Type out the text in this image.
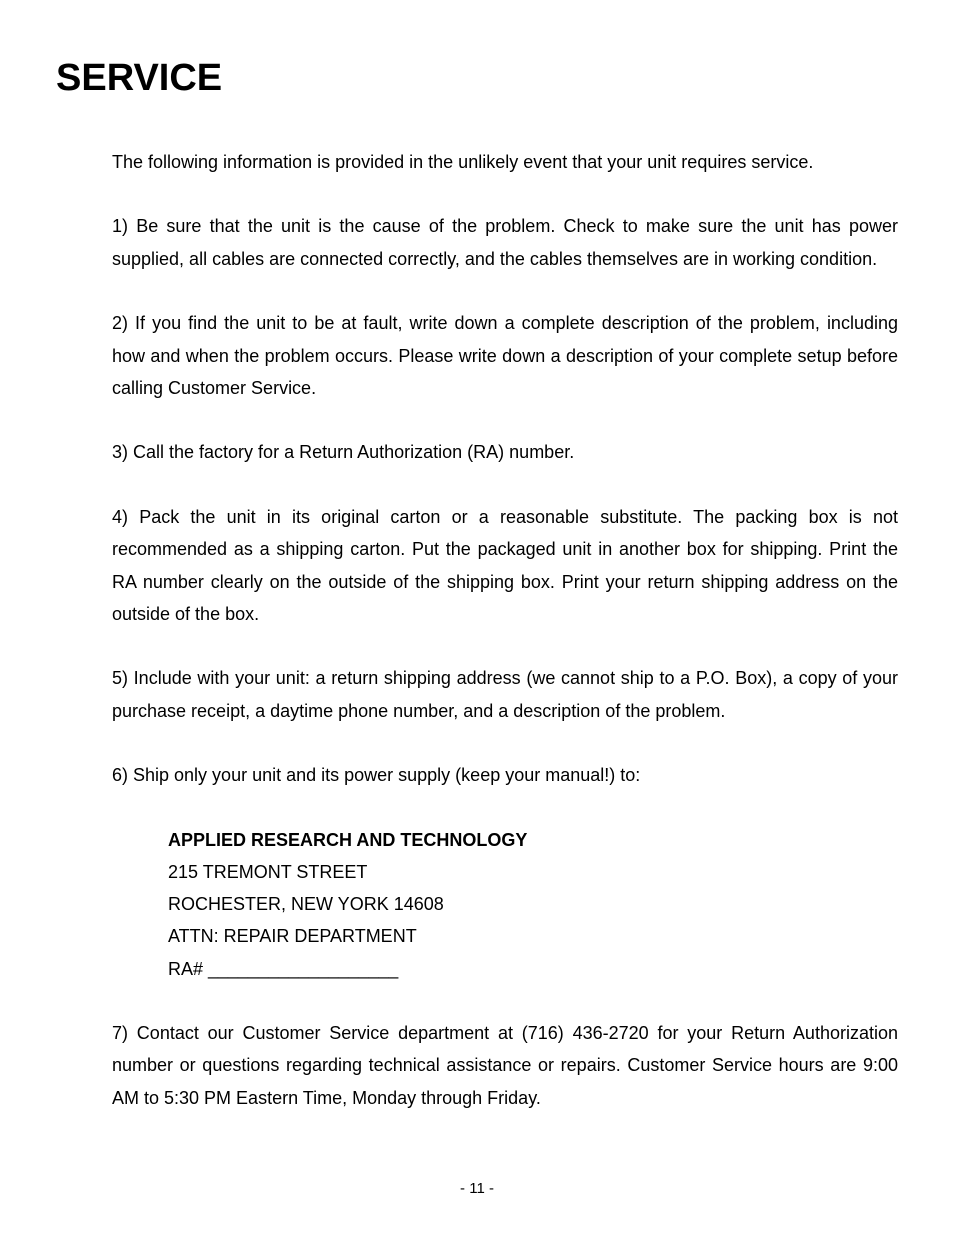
SERVICE

The following information is provided in the unlikely event that your unit requires service.

1) Be sure that the unit is the cause of the problem. Check to make sure the unit has power supplied, all cables are connected correctly, and the cables themselves are in working condition.

2) If you find the unit to be at fault, write down a complete description of the problem, including how and when the problem occurs. Please write down a description of your complete setup before calling Customer Service.

3) Call the factory for a Return Authorization (RA) number.

4) Pack the unit in its original carton or a reasonable substitute. The packing box is not recommended as a shipping carton. Put the packaged unit in another box for shipping. Print the RA number clearly on the outside of the shipping box. Print your return shipping address on the outside of the box.

5) Include with your unit: a return shipping address (we cannot ship to a P.O. Box), a copy of your purchase receipt, a daytime phone number, and a description of the problem.

6) Ship only your unit and its power supply (keep your manual!) to:

APPLIED RESEARCH AND TECHNOLOGY
215 TREMONT STREET
ROCHESTER, NEW YORK 14608
ATTN: REPAIR DEPARTMENT
RA# ___________________

7) Contact our Customer Service department at (716) 436-2720 for your Return Authorization number or questions regarding technical assistance or repairs. Customer Service hours are 9:00 AM to 5:30 PM Eastern Time, Monday through Friday.

- 11 -
